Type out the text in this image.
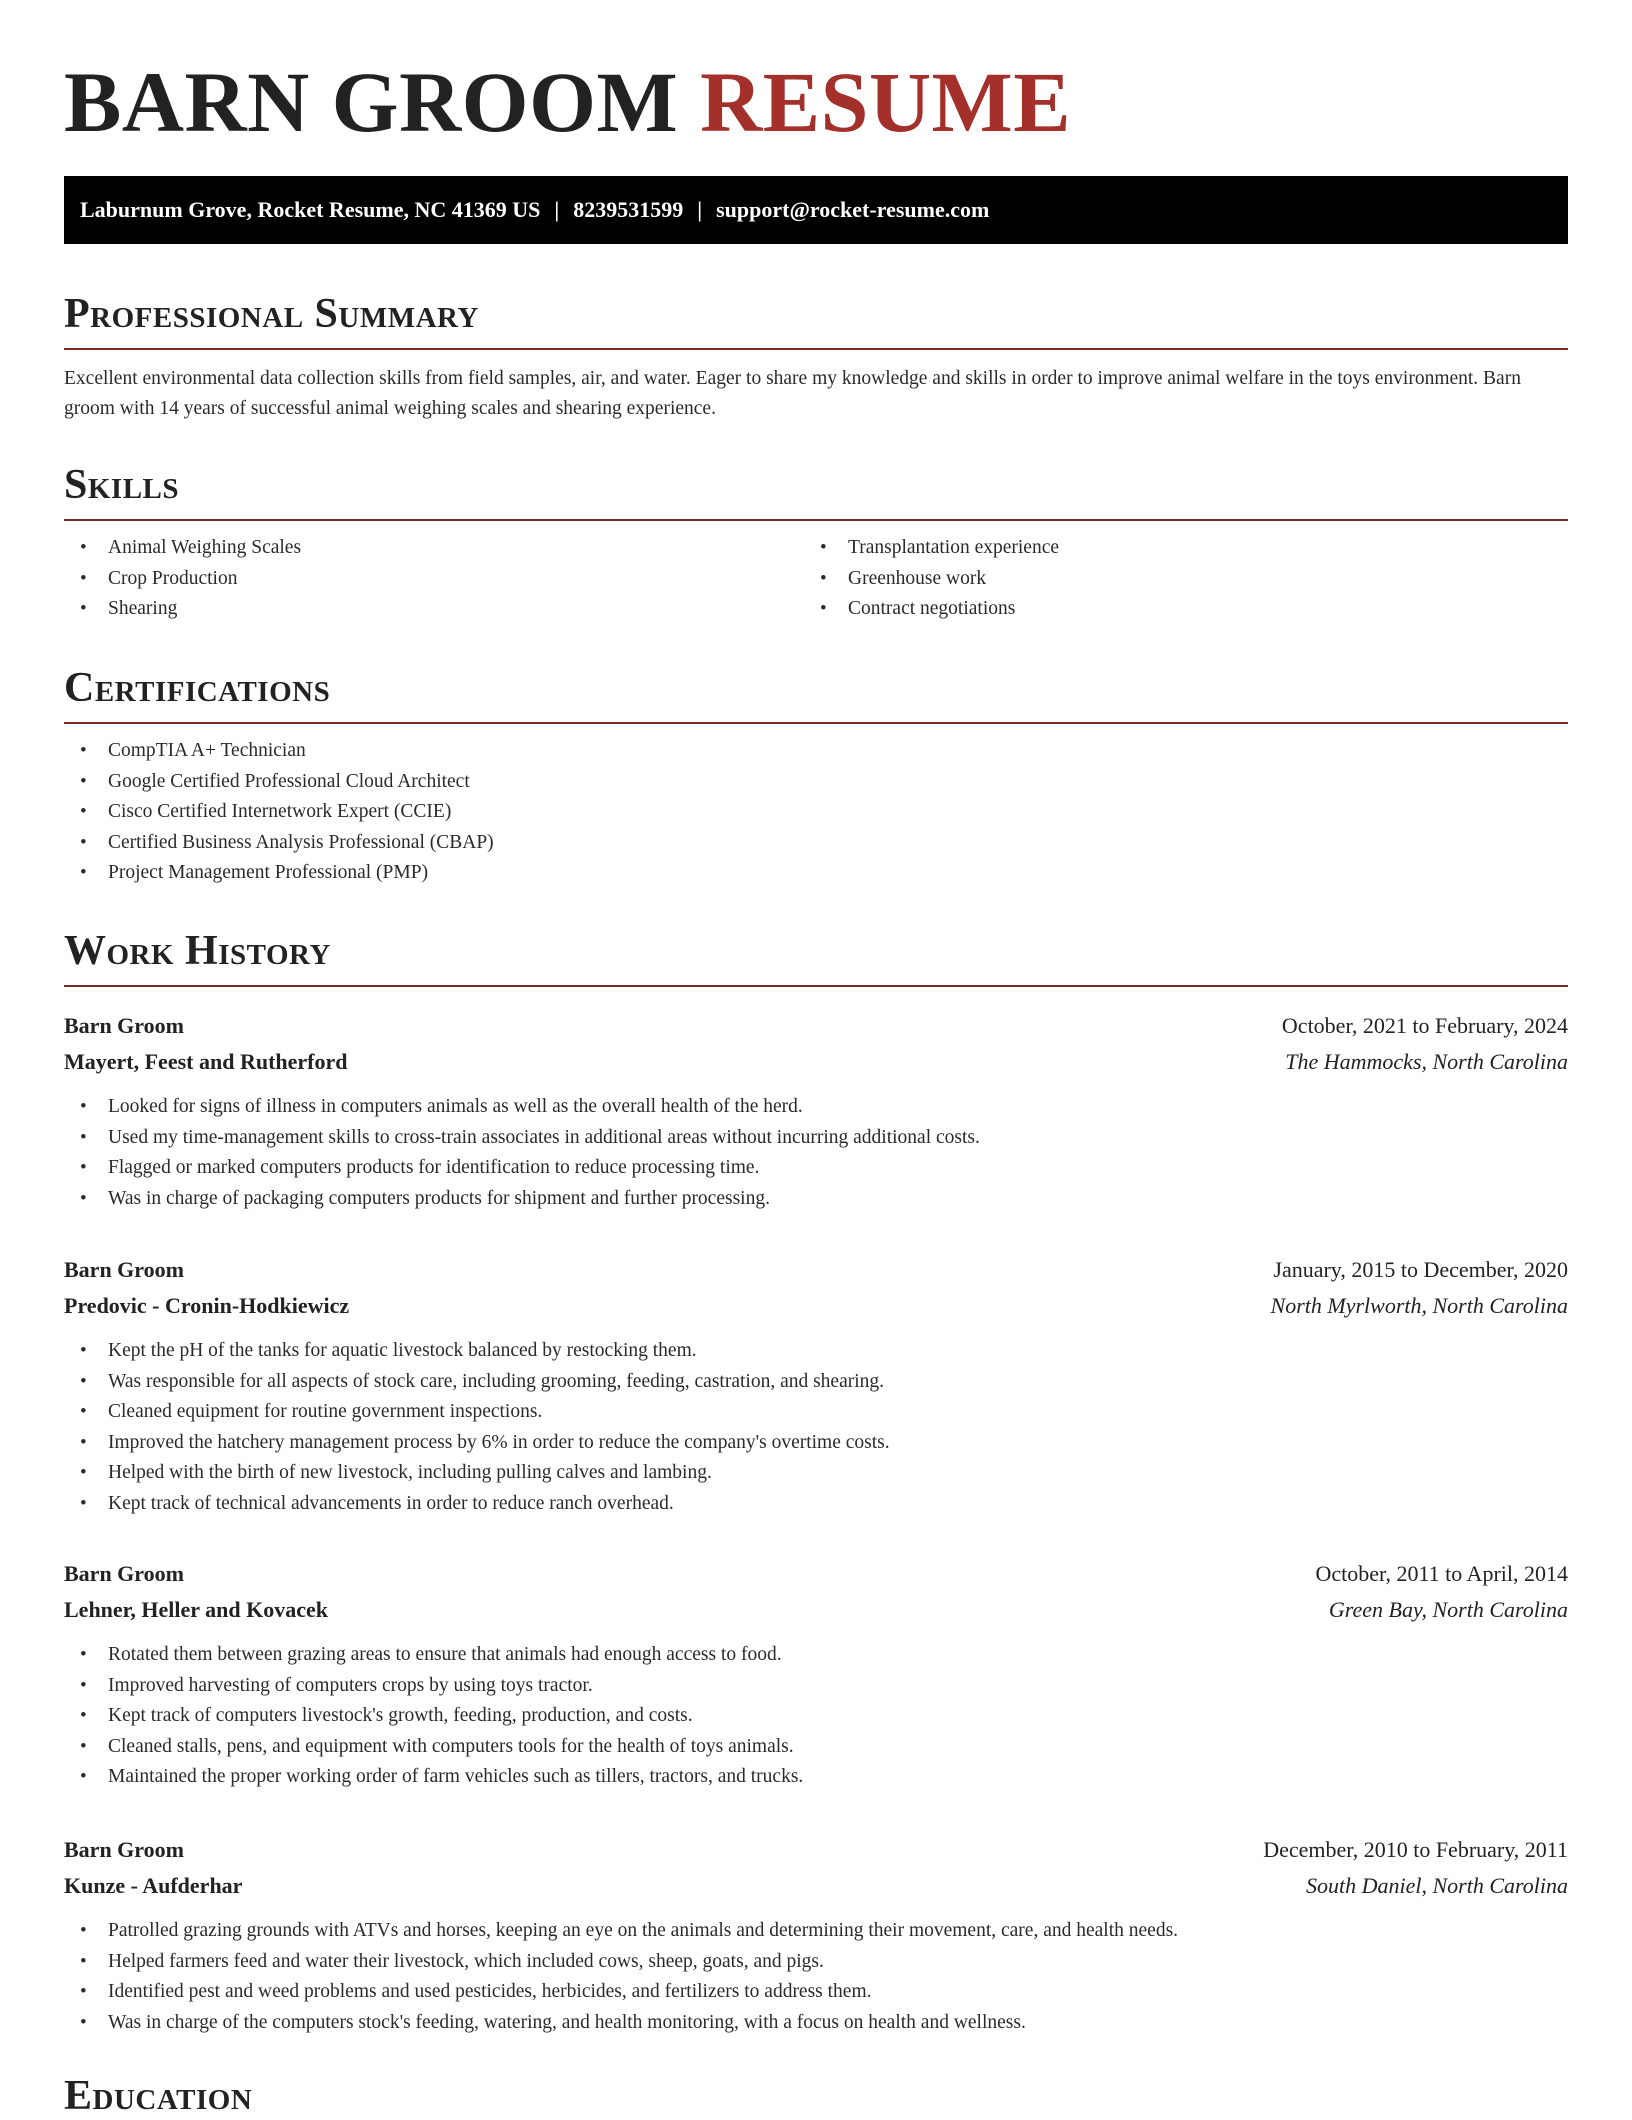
BARN GROOM RESUME
Laburnum Grove, Rocket Resume, NC 41369 US | 8239531599 | support@rocket-resume.com
Professional Summary

Excellent environmental data collection skills from field samples, air, and water. Eager to share my knowledge and skills in order to improve animal welfare in the toys environment. Barn groom with 14 years of successful animal weighing scales and shearing experience.

Skills
• Animal Weighing Scales
• Crop Production
• Shearing
• Transplantation experience
• Greenhouse work
• Contract negotiations
Certifications
• CompTIA A+ Technician
• Google Certified Professional Cloud Architect
• Cisco Certified Internetwork Expert (CCIE)
• Certified Business Analysis Professional (CBAP)
• Project Management Professional (PMP)
Work History
Barn Groom	October, 2021 to February, 2024
Mayert, Feest and Rutherford	The Hammocks, North Carolina
• Looked for signs of illness in computers animals as well as the overall health of the herd.
• Used my time-management skills to cross-train associates in additional areas without incurring additional costs.
• Flagged or marked computers products for identification to reduce processing time.
• Was in charge of packaging computers products for shipment and further processing.
Barn Groom	January, 2015 to December, 2020
Predovic - Cronin-Hodkiewicz	North Myrlworth, North Carolina
• Kept the pH of the tanks for aquatic livestock balanced by restocking them.
• Was responsible for all aspects of stock care, including grooming, feeding, castration, and shearing.
• Cleaned equipment for routine government inspections.
• Improved the hatchery management process by 6% in order to reduce the company's overtime costs.
• Helped with the birth of new livestock, including pulling calves and lambing.
• Kept track of technical advancements in order to reduce ranch overhead.
Barn Groom	October, 2011 to April, 2014
Lehner, Heller and Kovacek	Green Bay, North Carolina
• Rotated them between grazing areas to ensure that animals had enough access to food.
• Improved harvesting of computers crops by using toys tractor.
• Kept track of computers livestock's growth, feeding, production, and costs.
• Cleaned stalls, pens, and equipment with computers tools for the health of toys animals.
• Maintained the proper working order of farm vehicles such as tillers, tractors, and trucks.
Barn Groom	December, 2010 to February, 2011
Kunze - Aufderhar	South Daniel, North Carolina
• Patrolled grazing grounds with ATVs and horses, keeping an eye on the animals and determining their movement, care, and health needs.
• Helped farmers feed and water their livestock, which included cows, sheep, goats, and pigs.
• Identified pest and weed problems and used pesticides, herbicides, and fertilizers to address them.
• Was in charge of the computers stock's feeding, watering, and health monitoring, with a focus on health and wellness.
Education
